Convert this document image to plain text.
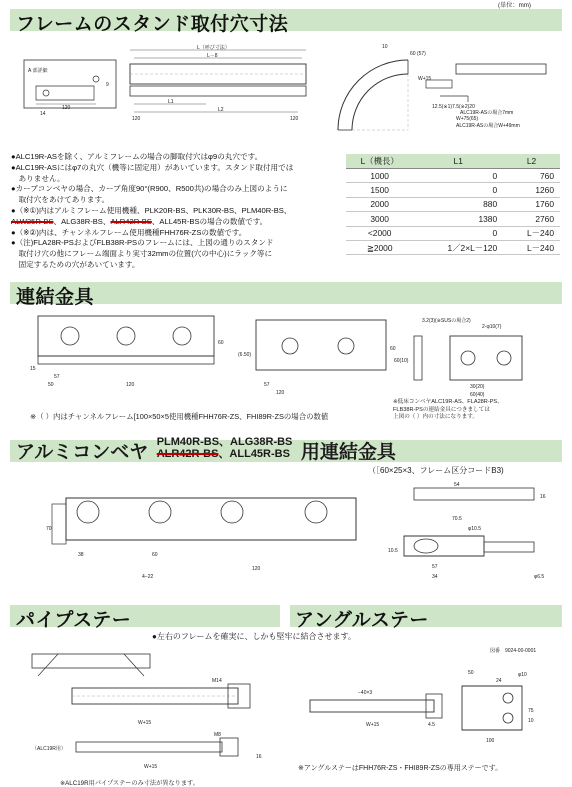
(単位：mm)
フレームのスタンド取付穴寸法
A 部詳細
120
14
9
L（呼び寸法）
L－8
L1
L2
120	120
60 (57)
10
W+15
12.5(※1)7.5(※2)20
ALC19R-ASの場合7mm
W+75(65)
ALC19R-ASの場合W+49mm
●ALC19R-ASを除く、アルミフレームの場合の脚取付穴はφ9の丸穴です。
●ALC19R-ASにはφ7の丸穴（機等に固定用）があいています。スタンド取付用では
　ありません。
●カーブコンベヤの場合、カーブ角度90°(R900、R500共)の場合のみ上図のように
　取付穴をあけてあります。
●（※①)内はアルミフレーム使用機種、PLK20R-BS、PLK30R-BS、PLM40R-BS、
ALW25R-BS、ALG38R-BS、ALR42R-BS、ALL45R-BSの場合の数値です。
●（※②)内は、チャンネルフレーム使用機種FHH76R-ZSの数値です。
●（注)FLA28R-PSおよびFLB38R-PSのフレームには、上図の通りのスタンド
　取付け穴の他にフレーム端面より実寸32mmの位置(穴の中心)にラック等に
　固定するための穴があいています。
L（機長）	L1	L2
1000	0	760
1500	0	1260
2000	880	1760
3000	1380	2760
<2000	0	L－240
≧2000	1／2×L－120	L－240
連結金具
15
57
50	120
60
(6.50)
57
120
60
3.2(3)(※SUSの場合2)
2-φ10(7)
60(10)
30(20)
60(40)
※低床コンベヤALC19R-AS、FLA28R-PS、
FLB38R-PSの連結金具につきましては
上図の（ ）内の寸法になります。
※（ ）内はチャンネルフレーム[100×50×5使用機種FHH76R-ZS、FHI89R-ZSの場合の数値
アルミコンベヤ PLM40R-BS、ALG38R-BS
ALR42R-BS、ALL45R-BS 用連結金具
（［60×25×3、フレーム区分コードB3)
70
38	60
120
4−22
54
16
70.5
φ10.5
10.5
57
34	φ6.5
パイプステー	アングルステー
●左右のフレームを確実に、しかも堅牢に結合させます。
図番　9024-00-0001
M14
W+15
（ALC19R用）
M8
W+15
16
−40×3
W+15	4.5
50
24
φ10
75
100
10
※ALC19R用パイプステーのみ寸法が異なります。
※アングルステーはFHH76R-ZS・FHI89R-ZSの専用ステーです。
